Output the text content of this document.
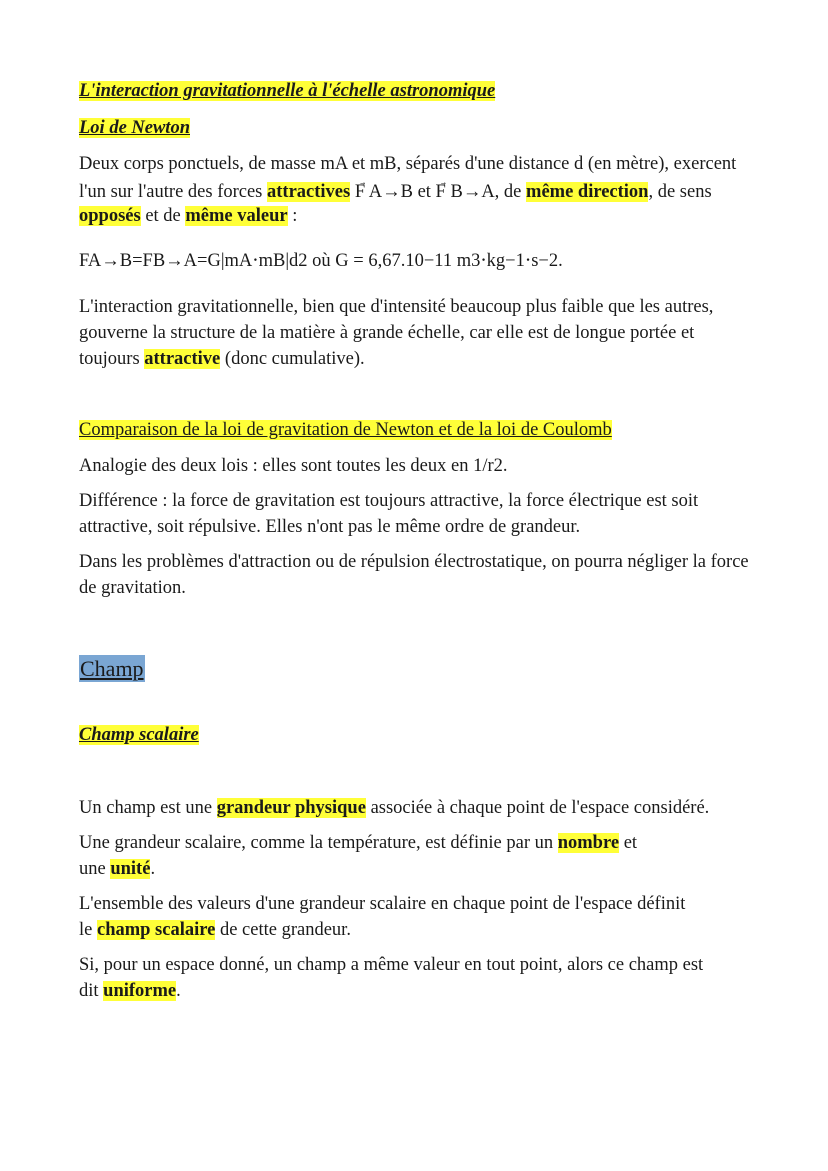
L'interaction gravitationnelle à l'échelle astronomique

Loi de Newton

Deux corps ponctuels, de masse mA et mB, séparés d'une distance d (en mètre), exercent l'un sur l'autre des forces attractives F A→B et F B→A, de même direction, de sens opposés et de même valeur :

FA→B=FB→A=G|mA⋅mB|d2 où G = 6,67.10−11 m3⋅kg−1⋅s−2.

L'interaction gravitationnelle, bien que d'intensité beaucoup plus faible que les autres, gouverne la structure de la matière à grande échelle, car elle est de longue portée et toujours attractive (donc cumulative).

Comparaison de la loi de gravitation de Newton et de la loi de Coulomb

Analogie des deux lois : elles sont toutes les deux en 1/r2.

Différence : la force de gravitation est toujours attractive, la force électrique est soit attractive, soit répulsive. Elles n'ont pas le même ordre de grandeur.

Dans les problèmes d'attraction ou de répulsion électrostatique, on pourra négliger la force de gravitation.

Champ

Champ scalaire

Un champ est une grandeur physique associée à chaque point de l'espace considéré.

Une grandeur scalaire, comme la température, est définie par un nombre et
une unité.

L'ensemble des valeurs d'une grandeur scalaire en chaque point de l'espace définit
le champ scalaire de cette grandeur.

Si, pour un espace donné, un champ a même valeur en tout point, alors ce champ est
dit uniforme.
